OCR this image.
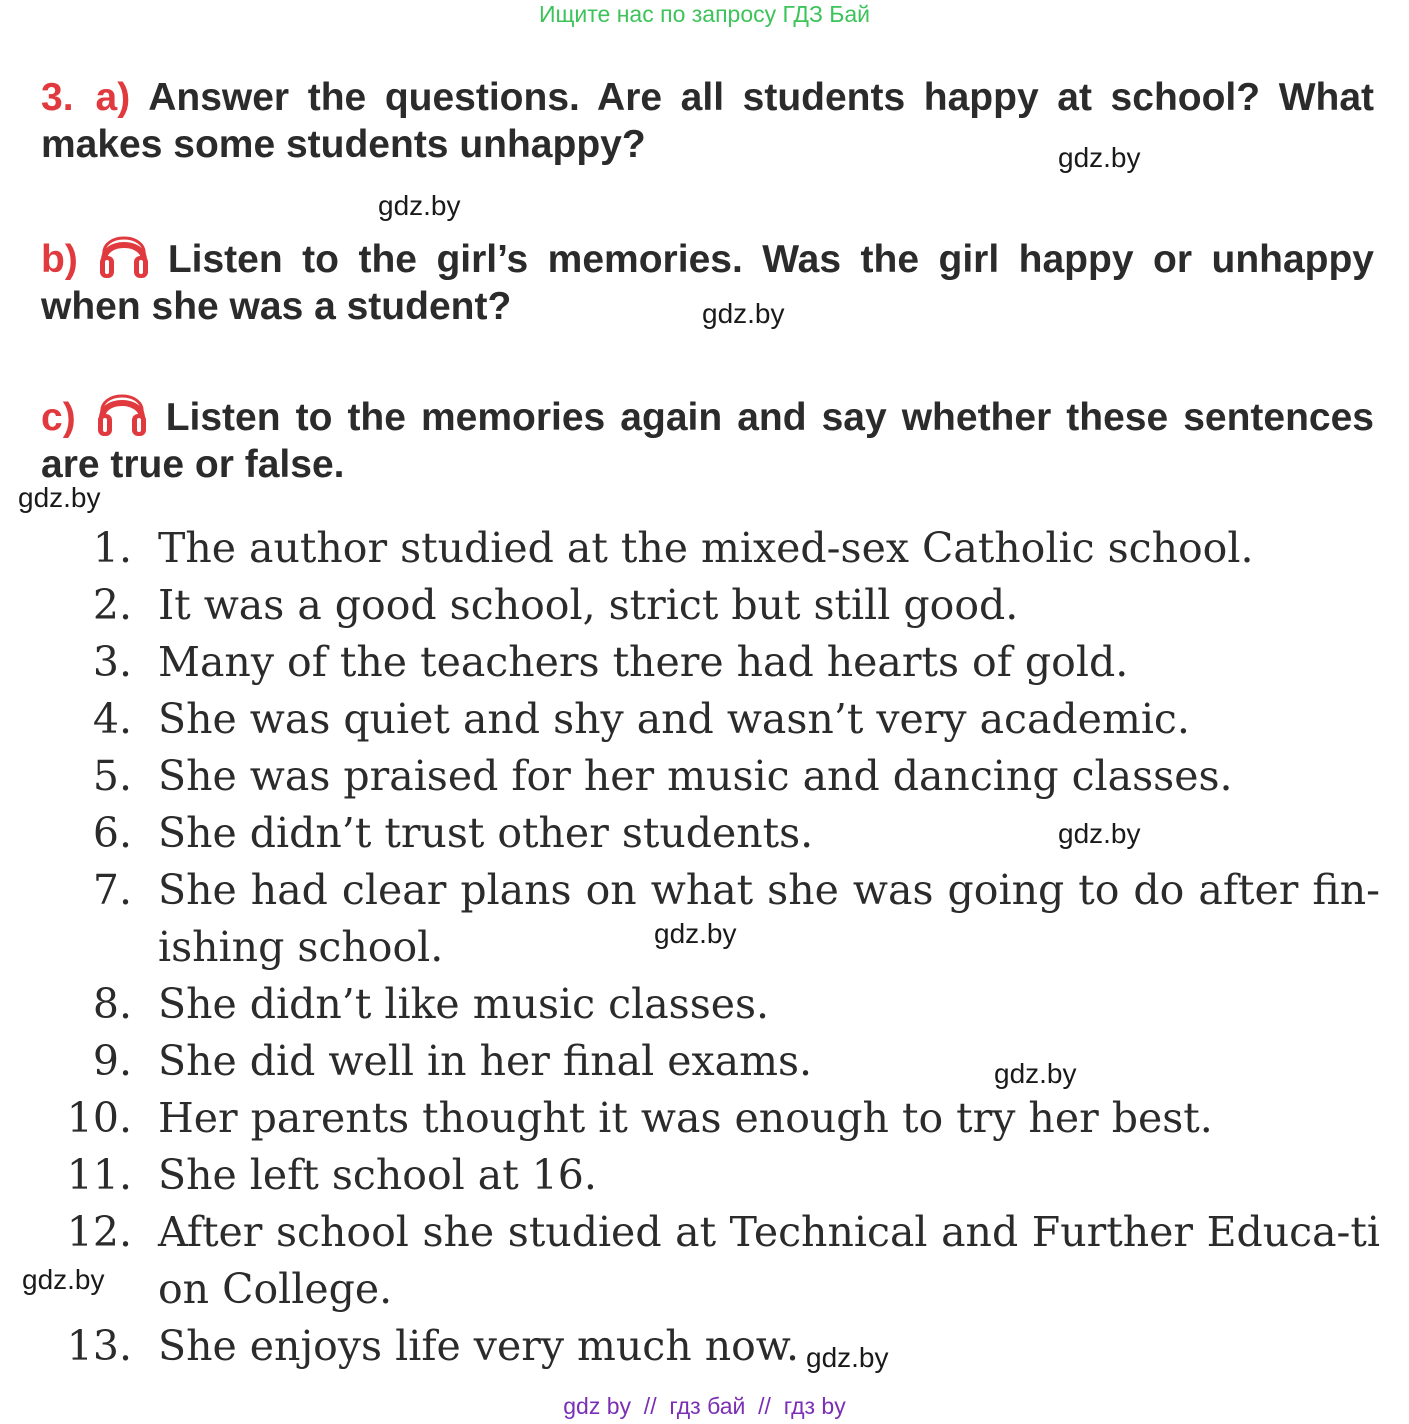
Ищите нас по запросу ГДЗ Бай
3. a) Answer the questions. Are all students happy at school? What makes some students unhappy?
b) Listen to the girl’s memories. Was the girl happy or unhappy when she was a student?
c) Listen to the memories again and say whether these sentences are true or false.
1. The author studied at the mixed-sex Catholic school.
2. It was a good school, strict but still good.
3. Many of the teachers there had hearts of gold.
4. She was quiet and shy and wasn’t very academic.
5. She was praised for her music and dancing classes.
6. She didn’t trust other students.
7. She had clear plans on what she was going to do after fin-ishing school.
8. She didn’t like music classes.
9. She did well in her final exams.
10. Her parents thought it was enough to try her best.
11. She left school at 16.
12. After school she studied at Technical and Further Educa-tion College.
13. She enjoys life very much now.
gdz.by
gdz.by
gdz.by
gdz.by
gdz.by
gdz.by
gdz.by
gdz.by
gdz.by
gdz by  //  гдз бай  //  гдз by
